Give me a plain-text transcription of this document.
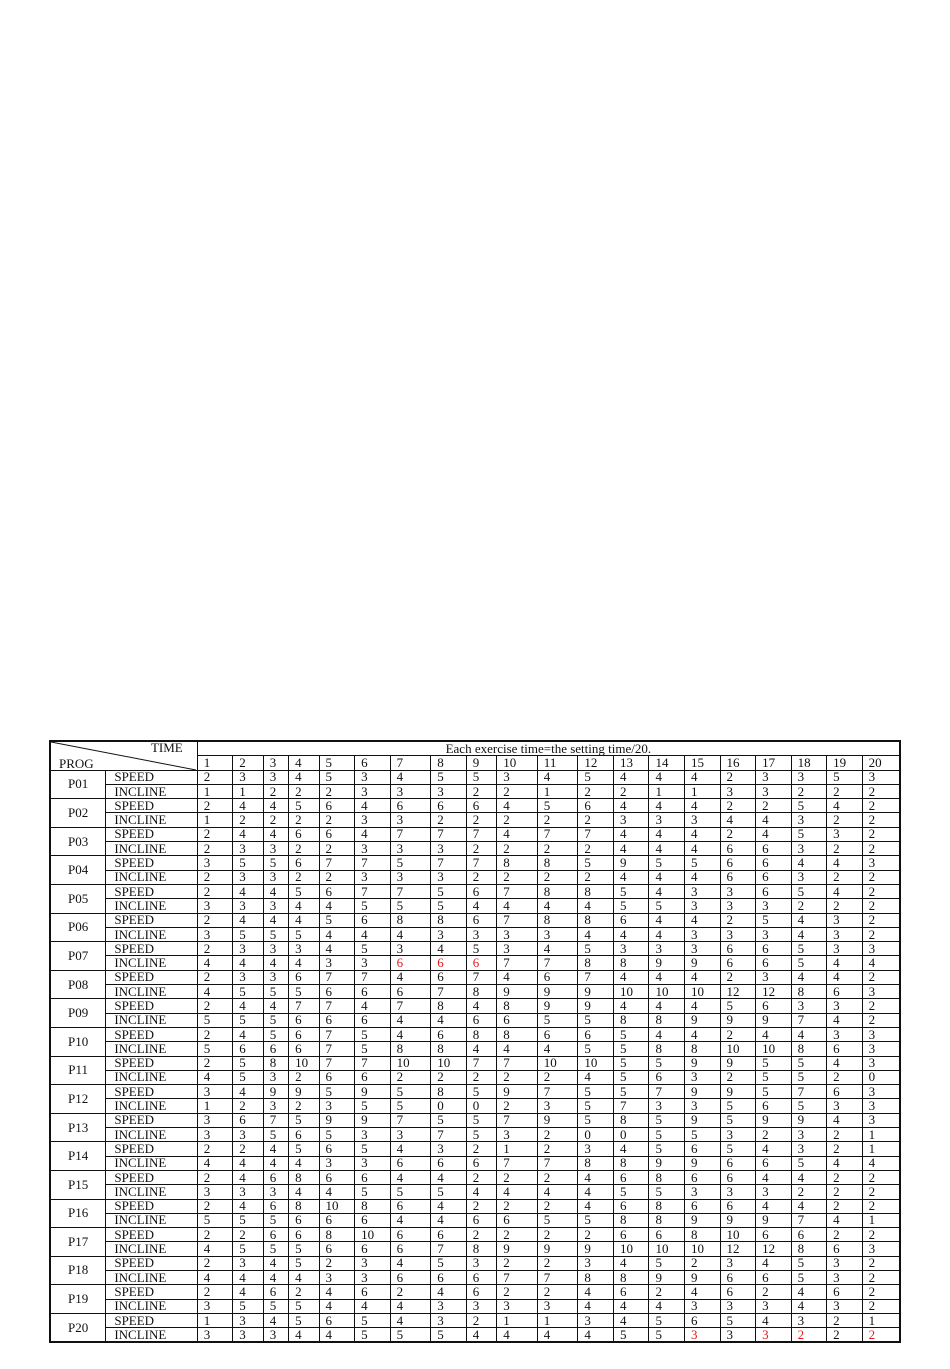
TIME
PROG		Each exercise time=the setting time/20.																			
		1	2	3	4	5	6	7	8	9	10	11	12	13	14	15	16	17	18	19	20
P01	SPEED	2	3	3	4	5	3	4	5	5	3	4	5	4	4	4	2	3	3	5	3
	INCLINE	1	1	2	2	2	3	3	3	2	2	1	2	2	1	1	3	3	2	2	2
P02	SPEED	2	4	4	5	6	4	6	6	6	4	5	6	4	4	4	2	2	5	4	2
	INCLINE	1	2	2	2	2	3	3	2	2	2	2	2	3	3	3	4	4	3	2	2
P03	SPEED	2	4	4	6	6	4	7	7	7	4	7	7	4	4	4	2	4	5	3	2
	INCLINE	2	3	3	2	2	3	3	3	2	2	2	2	4	4	4	6	6	3	2	2
P04	SPEED	3	5	5	6	7	7	5	7	7	8	8	5	9	5	5	6	6	4	4	3
	INCLINE	2	3	3	2	2	3	3	3	2	2	2	2	4	4	4	6	6	3	2	2
P05	SPEED	2	4	4	5	6	7	7	5	6	7	8	8	5	4	3	3	6	5	4	2
	INCLINE	3	3	3	4	4	5	5	5	4	4	4	4	5	5	3	3	3	2	2	2
P06	SPEED	2	4	4	4	5	6	8	8	6	7	8	8	6	4	4	2	5	4	3	2
	INCLINE	3	5	5	5	4	4	4	3	3	3	3	4	4	4	3	3	3	4	3	2
P07	SPEED	2	3	3	3	4	5	3	4	5	3	4	5	3	3	3	6	6	5	3	3
	INCLINE	4	4	4	4	3	3	6	6	6	7	7	8	8	9	9	6	6	5	4	4
P08	SPEED	2	3	3	6	7	7	4	6	7	4	6	7	4	4	4	2	3	4	4	2
	INCLINE	4	5	5	5	6	6	6	7	8	9	9	9	10	10	10	12	12	8	6	3
P09	SPEED	2	4	4	7	7	4	7	8	4	8	9	9	4	4	4	5	6	3	3	2
	INCLINE	5	5	5	6	6	6	4	4	6	6	5	5	8	8	9	9	9	7	4	2
P10	SPEED	2	4	5	6	7	5	4	6	8	8	6	6	5	4	4	2	4	4	3	3
	INCLINE	5	6	6	6	7	5	8	8	4	4	4	5	5	8	8	10	10	8	6	3
P11	SPEED	2	5	8	10	7	7	10	10	7	7	10	10	5	5	9	9	5	5	4	3
	INCLINE	4	5	3	2	6	6	2	2	2	2	2	4	5	6	3	2	5	5	2	0
P12	SPEED	3	4	9	9	5	9	5	8	5	9	7	5	5	7	9	9	5	7	6	3
	INCLINE	1	2	3	2	3	5	5	0	0	2	3	5	7	3	3	5	6	5	3	3
P13	SPEED	3	6	7	5	9	9	7	5	5	7	9	5	8	5	9	5	9	9	4	3
	INCLINE	3	3	5	6	5	3	3	7	5	3	2	0	0	5	5	3	2	3	2	1
P14	SPEED	2	2	4	5	6	5	4	3	2	1	2	3	4	5	6	5	4	3	2	1
	INCLINE	4	4	4	4	3	3	6	6	6	7	7	8	8	9	9	6	6	5	4	4
P15	SPEED	2	4	6	8	6	6	4	4	2	2	2	4	6	8	6	6	4	4	2	2
	INCLINE	3	3	3	4	4	5	5	5	4	4	4	4	5	5	3	3	3	2	2	2
P16	SPEED	2	4	6	8	10	8	6	4	2	2	2	4	6	8	6	6	4	4	2	2
	INCLINE	5	5	5	6	6	6	4	4	6	6	5	5	8	8	9	9	9	7	4	1
P17	SPEED	2	2	6	6	8	10	6	6	2	2	2	2	6	6	8	10	6	6	2	2
	INCLINE	4	5	5	5	6	6	6	7	8	9	9	9	10	10	10	12	12	8	6	3
P18	SPEED	2	3	4	5	2	3	4	5	3	2	2	3	4	5	2	3	4	5	3	2
	INCLINE	4	4	4	4	3	3	6	6	6	7	7	8	8	9	9	6	6	5	3	2
P19	SPEED	2	4	6	2	4	6	2	4	6	2	2	4	6	2	4	6	2	4	6	2
	INCLINE	3	5	5	5	4	4	4	3	3	3	3	4	4	4	3	3	3	4	3	2
P20	SPEED	1	3	4	5	6	5	4	3	2	1	1	3	4	5	6	5	4	3	2	1
	INCLINE	3	3	3	4	4	5	5	5	4	4	4	4	5	5	3	3	3	2	2	2
